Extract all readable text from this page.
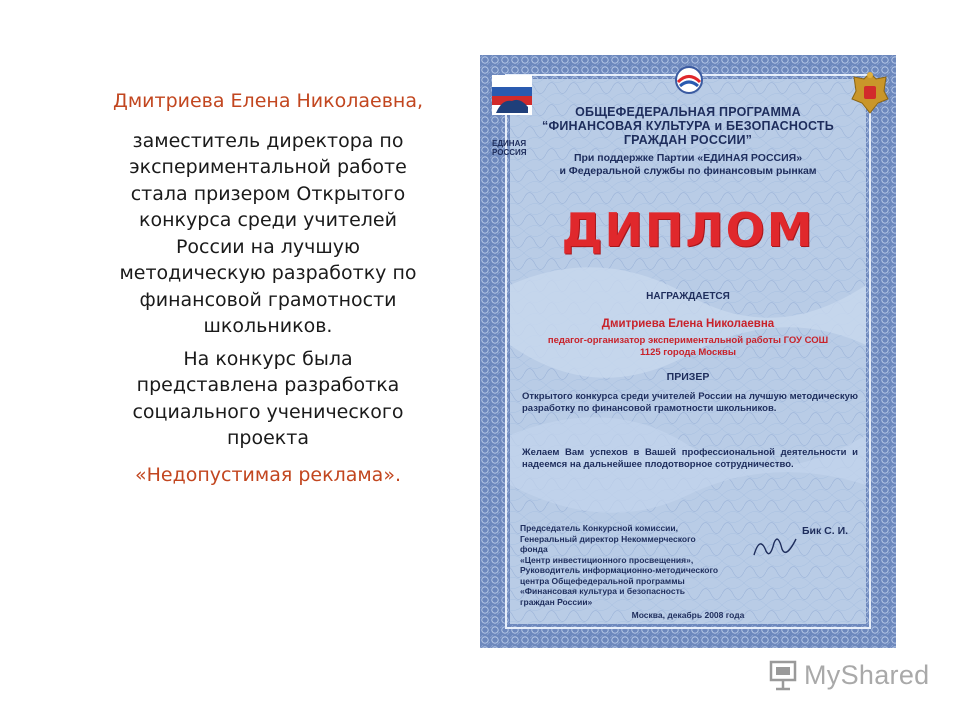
Дмитриева Елена Николаевна,

заместитель директора по
экспериментальной работе
стала призером Открытого
конкурса среди учителей
России на лучшую
методическую разработку по
финансовой грамотности
школьников.

На конкурс была
представлена разработка
социального ученического
проекта

«Недопустимая реклама».

ЕДИНАЯ РОССИЯ
ОБЩЕФЕДЕРАЛЬНАЯ ПРОГРАММА
“ФИНАНСОВАЯ КУЛЬТУРА и БЕЗОПАСНОСТЬ
ГРАЖДАН РОССИИ”
При поддержке Партии «ЕДИНАЯ РОССИЯ»
и Федеральной службы по финансовым рынкам
ДИПЛОМ
НАГРАЖДАЕТСЯ
Дмитриева Елена Николаевна
педагог-организатор экспериментальной работы ГОУ СОШ
1125 города Москвы
ПРИЗЕР
Открытого конкурса среди учителей России на лучшую методическую разработку по финансовой грамотности школьников.
Желаем Вам успехов в Вашей профессиональной деятельности и надеемся на дальнейшее плодотворное сотрудничество.
Председатель Конкурсной комиссии,
Генеральный директор Некоммерческого фонда
«Центр инвестиционного просвещения»,
Руководитель информационно-методического
центра Общефедеральной программы
«Финансовая культура и безопасность граждан России»
Бик С. И.
Москва, декабрь 2008 года
MyShared
